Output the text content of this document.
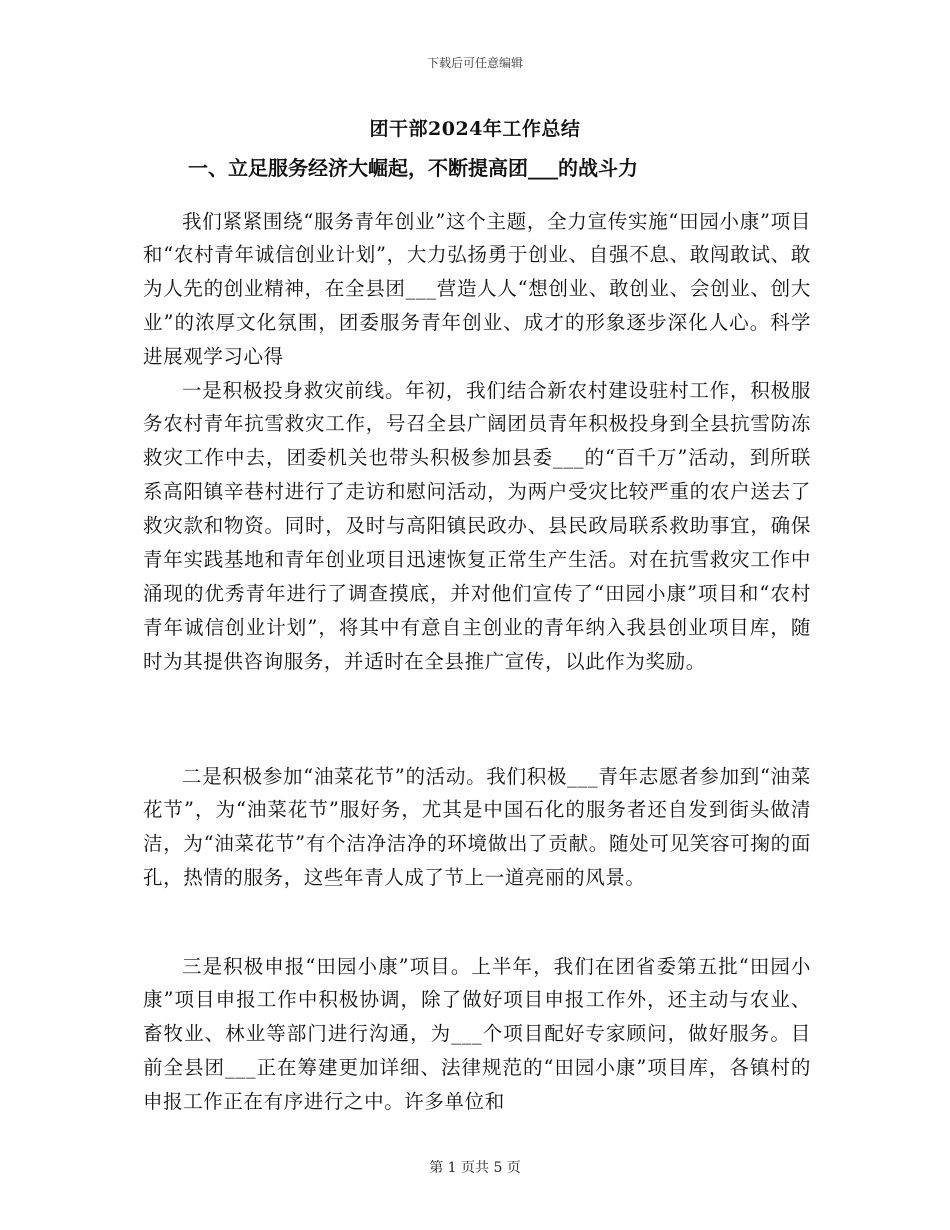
下载后可任意编辑
团干部2024年工作总结
一、立足服务经济大崛起，不断提高团___的战斗力

我们紧紧围绕“服务青年创业”这个主题，全力宣传实施“田园小康”项目和“农村青年诚信创业计划”，大力弘扬勇于创业、自强不息、敢闯敢试、敢为人先的创业精神，在全县团___营造人人“想创业、敢创业、会创业、创大业”的浓厚文化氛围，团委服务青年创业、成才的形象逐步深化人心。科学进展观学习心得

一是积极投身救灾前线。年初，我们结合新农村建设驻村工作，积极服务农村青年抗雪救灾工作，号召全县广阔团员青年积极投身到全县抗雪防冻救灾工作中去，团委机关也带头积极参加县委___的“百千万”活动，到所联系高阳镇辛巷村进行了走访和慰问活动，为两户受灾比较严重的农户送去了救灾款和物资。同时，及时与高阳镇民政办、县民政局联系救助事宜，确保青年实践基地和青年创业项目迅速恢复正常生产生活。对在抗雪救灾工作中涌现的优秀青年进行了调查摸底，并对他们宣传了“田园小康”项目和“农村青年诚信创业计划”，将其中有意自主创业的青年纳入我县创业项目库，随时为其提供咨询服务，并适时在全县推广宣传，以此作为奖励。

二是积极参加“油菜花节”的活动。我们积极___青年志愿者参加到“油菜花节”，为“油菜花节”服好务，尤其是中国石化的服务者还自发到街头做清洁，为“油菜花节”有个洁净洁净的环境做出了贡献。随处可见笑容可掬的面孔，热情的服务，这些年青人成了节上一道亮丽的风景。

三是积极申报“田园小康”项目。上半年，我们在团省委第五批“田园小康”项目申报工作中积极协调，除了做好项目申报工作外，还主动与农业、畜牧业、林业等部门进行沟通，为___个项目配好专家顾问，做好服务。目前全县团___正在筹建更加详细、法律规范的“田园小康”项目库，各镇村的申报工作正在有序进行之中。许多单位和

第 1 页共 5 页
